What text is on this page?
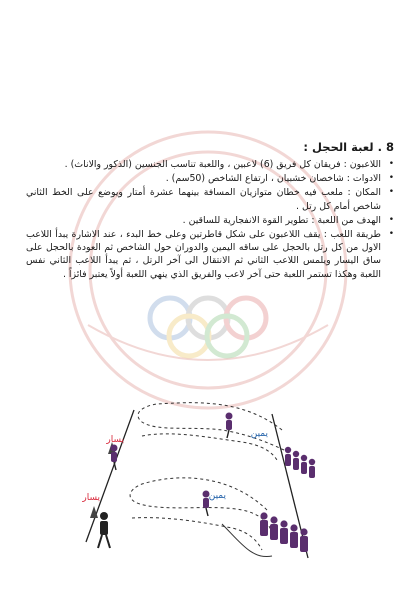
8 . لعبة الحجل :
•
اللاعبون : فريقان كل فريق (6) لاعبين ، واللعبة تناسب الجنسين (الذكور والاناث) .
•
الادوات : شاخصان خشبيان ، ارتفاع الشاخص (50سم) .
•
المكان : ملعب فيه خطان متوازيان المسافة بينهما عشرة أمتار ويوضع على الخط الثاني شاخص أمام كل رتل .
•
الهدف من اللعبة : تطوير القوة الانفجارية للساقين .
•
طريقة اللعب : يقف اللاعبون على شكل قاطرتين وعلى خط البدء ، عند الاشارة يبدأ اللاعب الاول من كل رتل بالحجل على ساقه اليمين والدوران حول الشاخص ثم العودة بالحجل على ساق اليسار ويلمس اللاعب الثاني ثم الانتقال الى آخر الرتل ، ثم يبدأ اللاعب الثاني نفس اللعبة وهكذا تستمر اللعبة حتى آخر لاعب والفريق الذي ينهي اللعبة أولاً يعتبر فائزاً .
يمين
يسار
يمين
يسار
